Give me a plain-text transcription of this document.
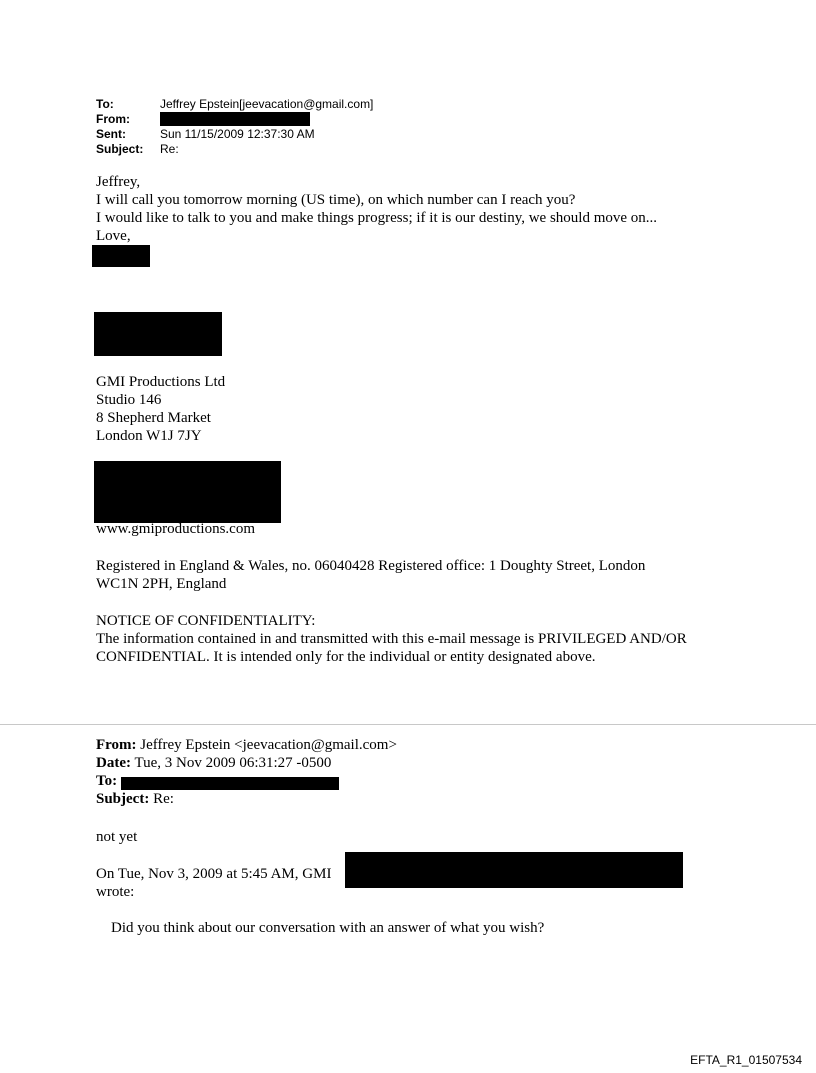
To:	Jeffrey Epstein[jeevacation@gmail.com]
From:
Sent:	Sun 11/15/2009 12:37:30 AM
Subject: Re:
Jeffrey,
I will call you tomorrow morning (US time), on which number can I reach you?
I would like to talk to you and make things progress; if it is our destiny, we should move on...
Love,
GMI Productions Ltd
Studio 146
8 Shepherd Market
London W1J 7JY
www.gmiproductions.com
Registered in England & Wales, no. 06040428 Registered office: 1 Doughty Street, London
WC1N 2PH, England
NOTICE OF CONFIDENTIALITY:
The information contained in and transmitted with this e-mail message is PRIVILEGED AND/OR
CONFIDENTIAL. It is intended only for the individual or entity designated above.
From: Jeffrey Epstein <jeevacation@gmail.com>
Date: Tue, 3 Nov 2009 06:31:27 -0500
To:
Subject: Re:
not yet
On Tue, Nov 3, 2009 at 5:45 AM, GMI
wrote:
Did you think about our conversation with an answer of what you wish?
EFTA_R1_01507534
